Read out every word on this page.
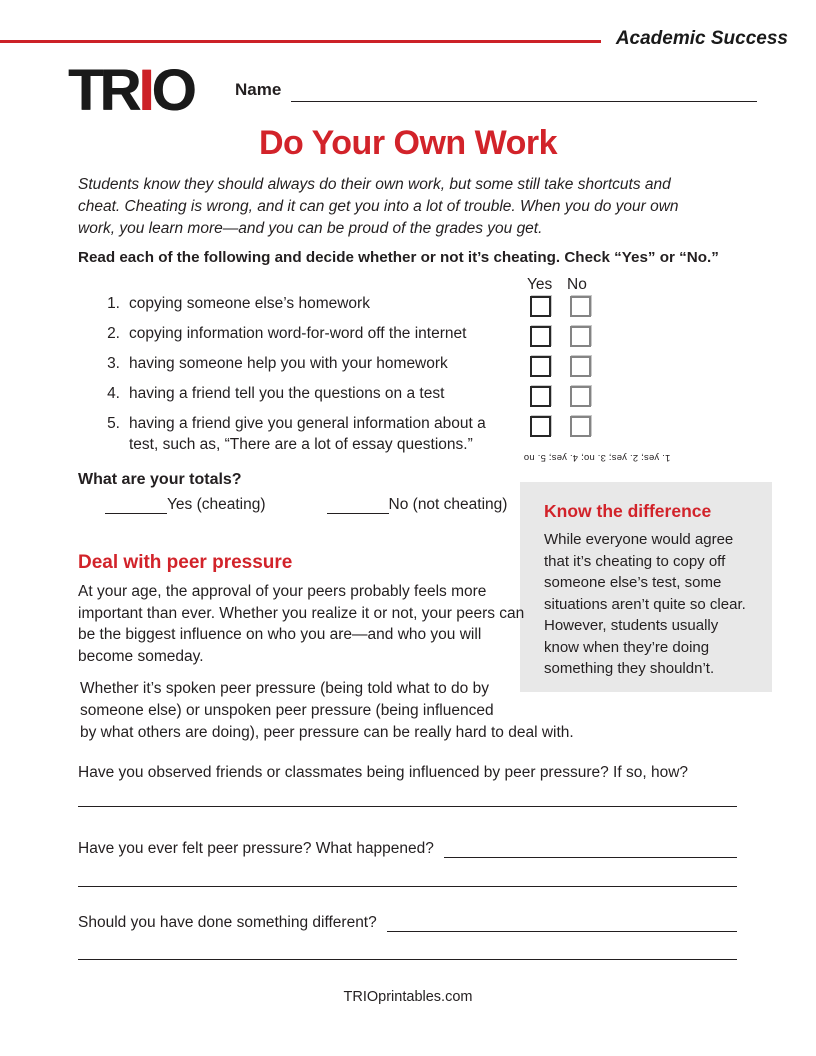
Academic Success
TRIO Name
Do Your Own Work
Students know they should always do their own work, but some still take shortcuts and cheat. Cheating is wrong, and it can get you into a lot of trouble. When you do your own work, you learn more—and you can be proud of the grades you get.
Read each of the following and decide whether or not it’s cheating. Check “Yes” or “No.”
Yes No
1. copying someone else’s homework
2. copying information word-for-word off the internet
3. having someone help you with your homework
4. having a friend tell you the questions on a test
5. having a friend give you general information about a test, such as, “There are a lot of essay questions.”
1. yes; 2. yes; 3. no; 4. yes; 5. no
What are your totals?
Yes (cheating)	No (not cheating) Know the difference
While everyone would agree that it’s cheating to copy off someone else’s test, some situations aren’t quite so clear. However, students usually know when they’re doing something they shouldn’t.
Deal with peer pressure
At your age, the approval of your peers probably feels more important than ever. Whether you realize it or not, your peers can be the biggest influence on who you are—and who you will become someday.
Whether it’s spoken peer pressure (being told what to do by
someone else) or unspoken peer pressure (being influenced
by what others are doing), peer pressure can be really hard to deal with.
Have you observed friends or classmates being influenced by peer pressure? If so, how?
Have you ever felt peer pressure? What happened?
Should you have done something different?
TRIOprintables.com
